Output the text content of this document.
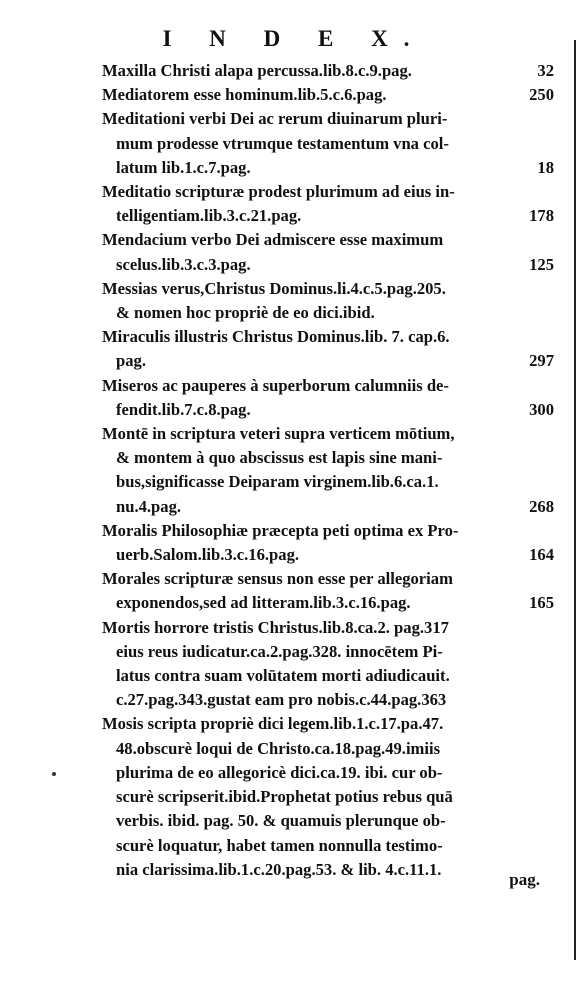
I N D E X.
32
Maxilla Christi alapa percussa.lib.8.c.9.pag.
250
Mediatorem esse hominum.lib.5.c.6.pag.
Meditationi verbi Dei ac rerum diuinarum pluri-
mum prodesse vtrumque testamentum vna col-
18
latum lib.1.c.7.pag.
Meditatio scripturæ prodest plurimum ad eius in-
178
telligentiam.lib.3.c.21.pag.
Mendacium verbo Dei admiscere esse maximum
125
scelus.lib.3.c.3.pag.
Messias verus,Christus Dominus.li.4.c.5.pag.205.
& nomen hoc propriè de eo dici.ibid.
Miraculis illustris Christus Dominus.lib. 7. cap.6.
297
pag.
Miseros ac pauperes à superborum calumniis de-
300
fendit.lib.7.c.8.pag.
Montē in scriptura veteri supra verticem mōtium,
& montem à quo abscissus est lapis sine mani-
bus,significasse Deiparam virginem.lib.6.ca.1.
268
nu.4.pag.
Moralis Philosophiæ præcepta peti optima ex Pro-
164
uerb.Salom.lib.3.c.16.pag.
Morales scripturæ sensus non esse per allegoriam
165
exponendos,sed ad litteram.lib.3.c.16.pag.
Mortis horrore tristis Christus.lib.8.ca.2. pag.317
eius reus iudicatur.ca.2.pag.328. innocētem Pi-
latus contra suam volūtatem morti adiudicauit.
c.27.pag.343.gustat eam pro nobis.c.44.pag.363
Mosis scripta propriè dici legem.lib.1.c.17.pa.47.
48.obscurè loqui de Christo.ca.18.pag.49.imiis
plurima de eo allegoricè dici.ca.19. ibi. cur ob-
scurè scripserit.ibid.Prophetat potius rebus quā
verbis. ibid. pag. 50. & quamuis plerunque ob-
scurè loquatur, habet tamen nonnulla testimo-
nia clarissima.lib.1.c.20.pag.53. & lib. 4.c.11.1.
pag.
